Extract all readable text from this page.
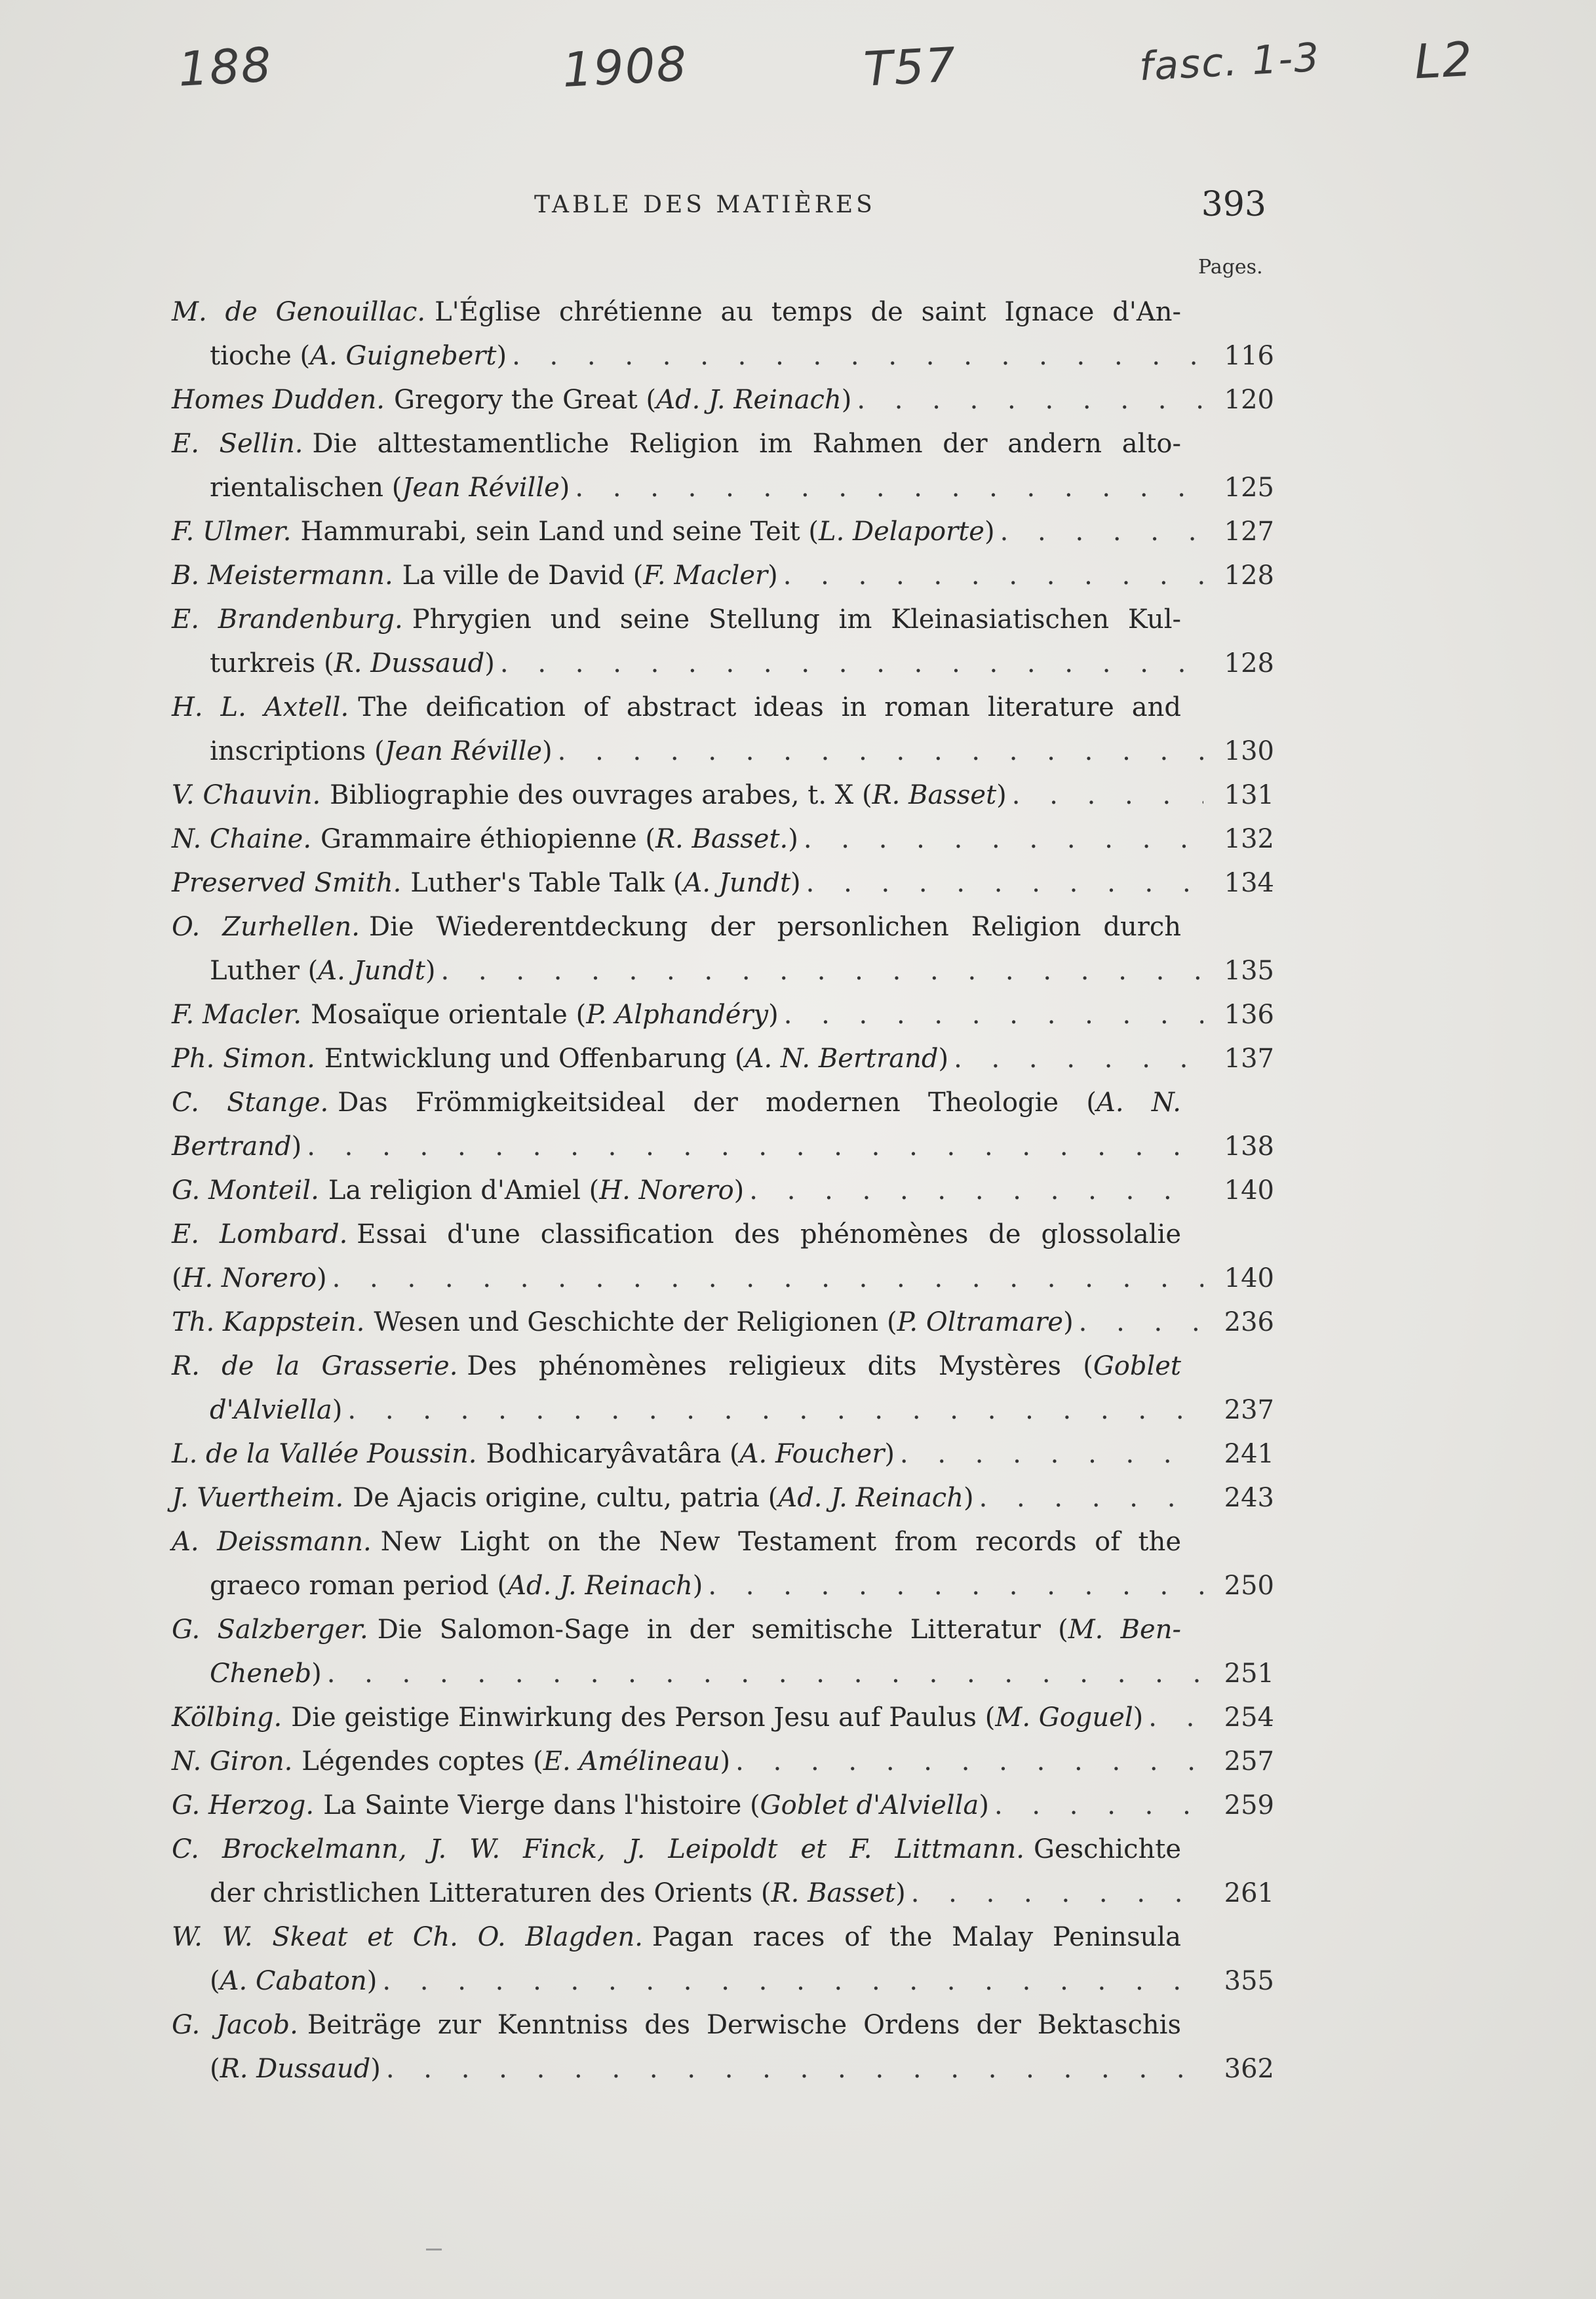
188	1908	T57	fasc. 1-3 L2
TABLE DES MATIÈRES	393
Pages.
M. de Genouillac. L'Église chrétienne au temps de saint Ignace d'An-
tioche ( A. Guignebert ) . . .	116
Homes Dudden. Gregory the Great ( Ad. J. Reinach ) . . .	120
E. Sellin. Die alttestamentliche Religion im Rahmen der andern alto-
rientalischen ( Jean Réville ) . . .	125
F. Ulmer. Hammurabi, sein Land und seine Teit ( L. Delaporte ) . . .	127
B. Meistermann. La ville de David ( F. Macler ) . . .	128
E. Brandenburg. Phrygien und seine Stellung im Kleinasiatischen Kul-
turkreis ( R. Dussaud ) . . .	128
H. L. Axtell. The deification of abstract ideas in roman literature and
inscriptions ( Jean Réville ) . . .	130
V. Chauvin. Bibliographie des ouvrages arabes, t. X ( R. Basset ) . . .	131
N. Chaine. Grammaire éthiopienne ( R. Basset. ) . . .	132
Preserved Smith. Luther's Table Talk ( A. Jundt ) . . .	134
O. Zurhellen. Die Wiederentdeckung der personlichen Religion durch
Luther ( A. Jundt ) . . .	135
F. Macler. Mosaïque orientale ( P. Alphandéry ) . . .	136
Ph. Simon. Entwicklung und Offenbarung ( A. N. Bertrand ) . . .	137
C. Stange. Das Frömmigkeitsideal der modernen Theologie (A. N.
Bertrand ) . . .	138
G. Monteil. La religion d'Amiel ( H. Norero ) . . .	140
E. Lombard. Essai d'une classification des phénomènes de glossolalie
( H. Norero ) . . .	140
Th. Kappstein. Wesen und Geschichte der Religionen ( P. Oltramare ) . . .	236
R. de la Grasserie. Des phénomènes religieux dits Mystères (Goblet
d'Alviella ) . . .	237
L. de la Vallée Poussin. Bodhicaryâvatâra ( A. Foucher ) . . .	241
J. Vuertheim. De Ajacis origine, cultu, patria ( Ad. J. Reinach ) . . .	243
A. Deissmann. New Light on the New Testament from records of the
graeco roman period ( Ad. J. Reinach ) . . .	250
G. Salzberger. Die Salomon-Sage in der semitische Litteratur (M. Ben-
Cheneb ) . . .	251
Kölbing. Die geistige Einwirkung des Person Jesu auf Paulus ( M. Goguel ) . . .	254
N. Giron. Légendes coptes ( E. Amélineau ) . . .	257
G. Herzog. La Sainte Vierge dans l'histoire ( Goblet d'Alviella ) . . .	259
C. Brockelmann, J. W. Finck, J. Leipoldt et F. Littmann. Geschichte
der christlichen Litteraturen des Orients ( R. Basset ) . . .	261
W. W. Skeat et Ch. O. Blagden. Pagan races of the Malay Peninsula
( A. Cabaton ) . . .	355
G. Jacob. Beiträge zur Kenntniss des Derwische Ordens der Bektaschis
( R. Dussaud ) . . .	362
